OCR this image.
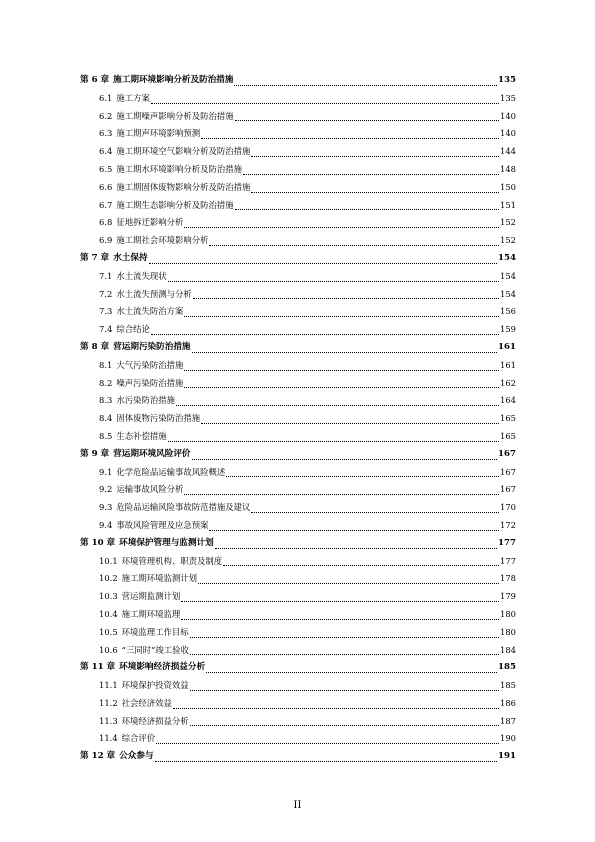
第 6 章 施工期环境影响分析及防治措施	135
6.1 施工方案	135
6.2 施工期噪声影响分析及防治措施	140
6.3 施工期声环境影响预测	140
6.4 施工期环境空气影响分析及防治措施	144
6.5 施工期水环境影响分析及防治措施	148
6.6 施工期固体废物影响分析及防治措施	150
6.7 施工期生态影响分析及防治措施	151
6.8 征地拆迁影响分析	152
6.9 施工期社会环境影响分析	152
第 7 章 水土保持	154
7.1 水土流失现状	154
7.2 水土流失预测与分析	154
7.3 水土流失防治方案	156
7.4 综合结论	159
第 8 章 营运期污染防治措施	161
8.1 大气污染防治措施	161
8.2 噪声污染防治措施	162
8.3 水污染防治措施	164
8.4 固体废物污染防治措施	165
8.5 生态补偿措施	165
第 9 章 营运期环境风险评价	167
9.1 化学危险品运输事故风险概述	167
9.2 运输事故风险分析	167
9.3 危险品运输风险事故防范措施及建议	170
9.4 事故风险管理及应急预案	172
第 10 章 环境保护管理与监测计划	177
10.1 环境管理机构、职责及制度	177
10.2 施工期环境监测计划	178
10.3 营运期监测计划	179
10.4 施工期环境监理	180
10.5 环境监理工作目标	180
10.6 “三同时”竣工验收	184
第 11 章 环境影响经济损益分析	185
11.1 环境保护投资效益	185
11.2 社会经济效益	186
11.3 环境经济损益分析	187
11.4 综合评价	190
第 12 章 公众参与	191
II
